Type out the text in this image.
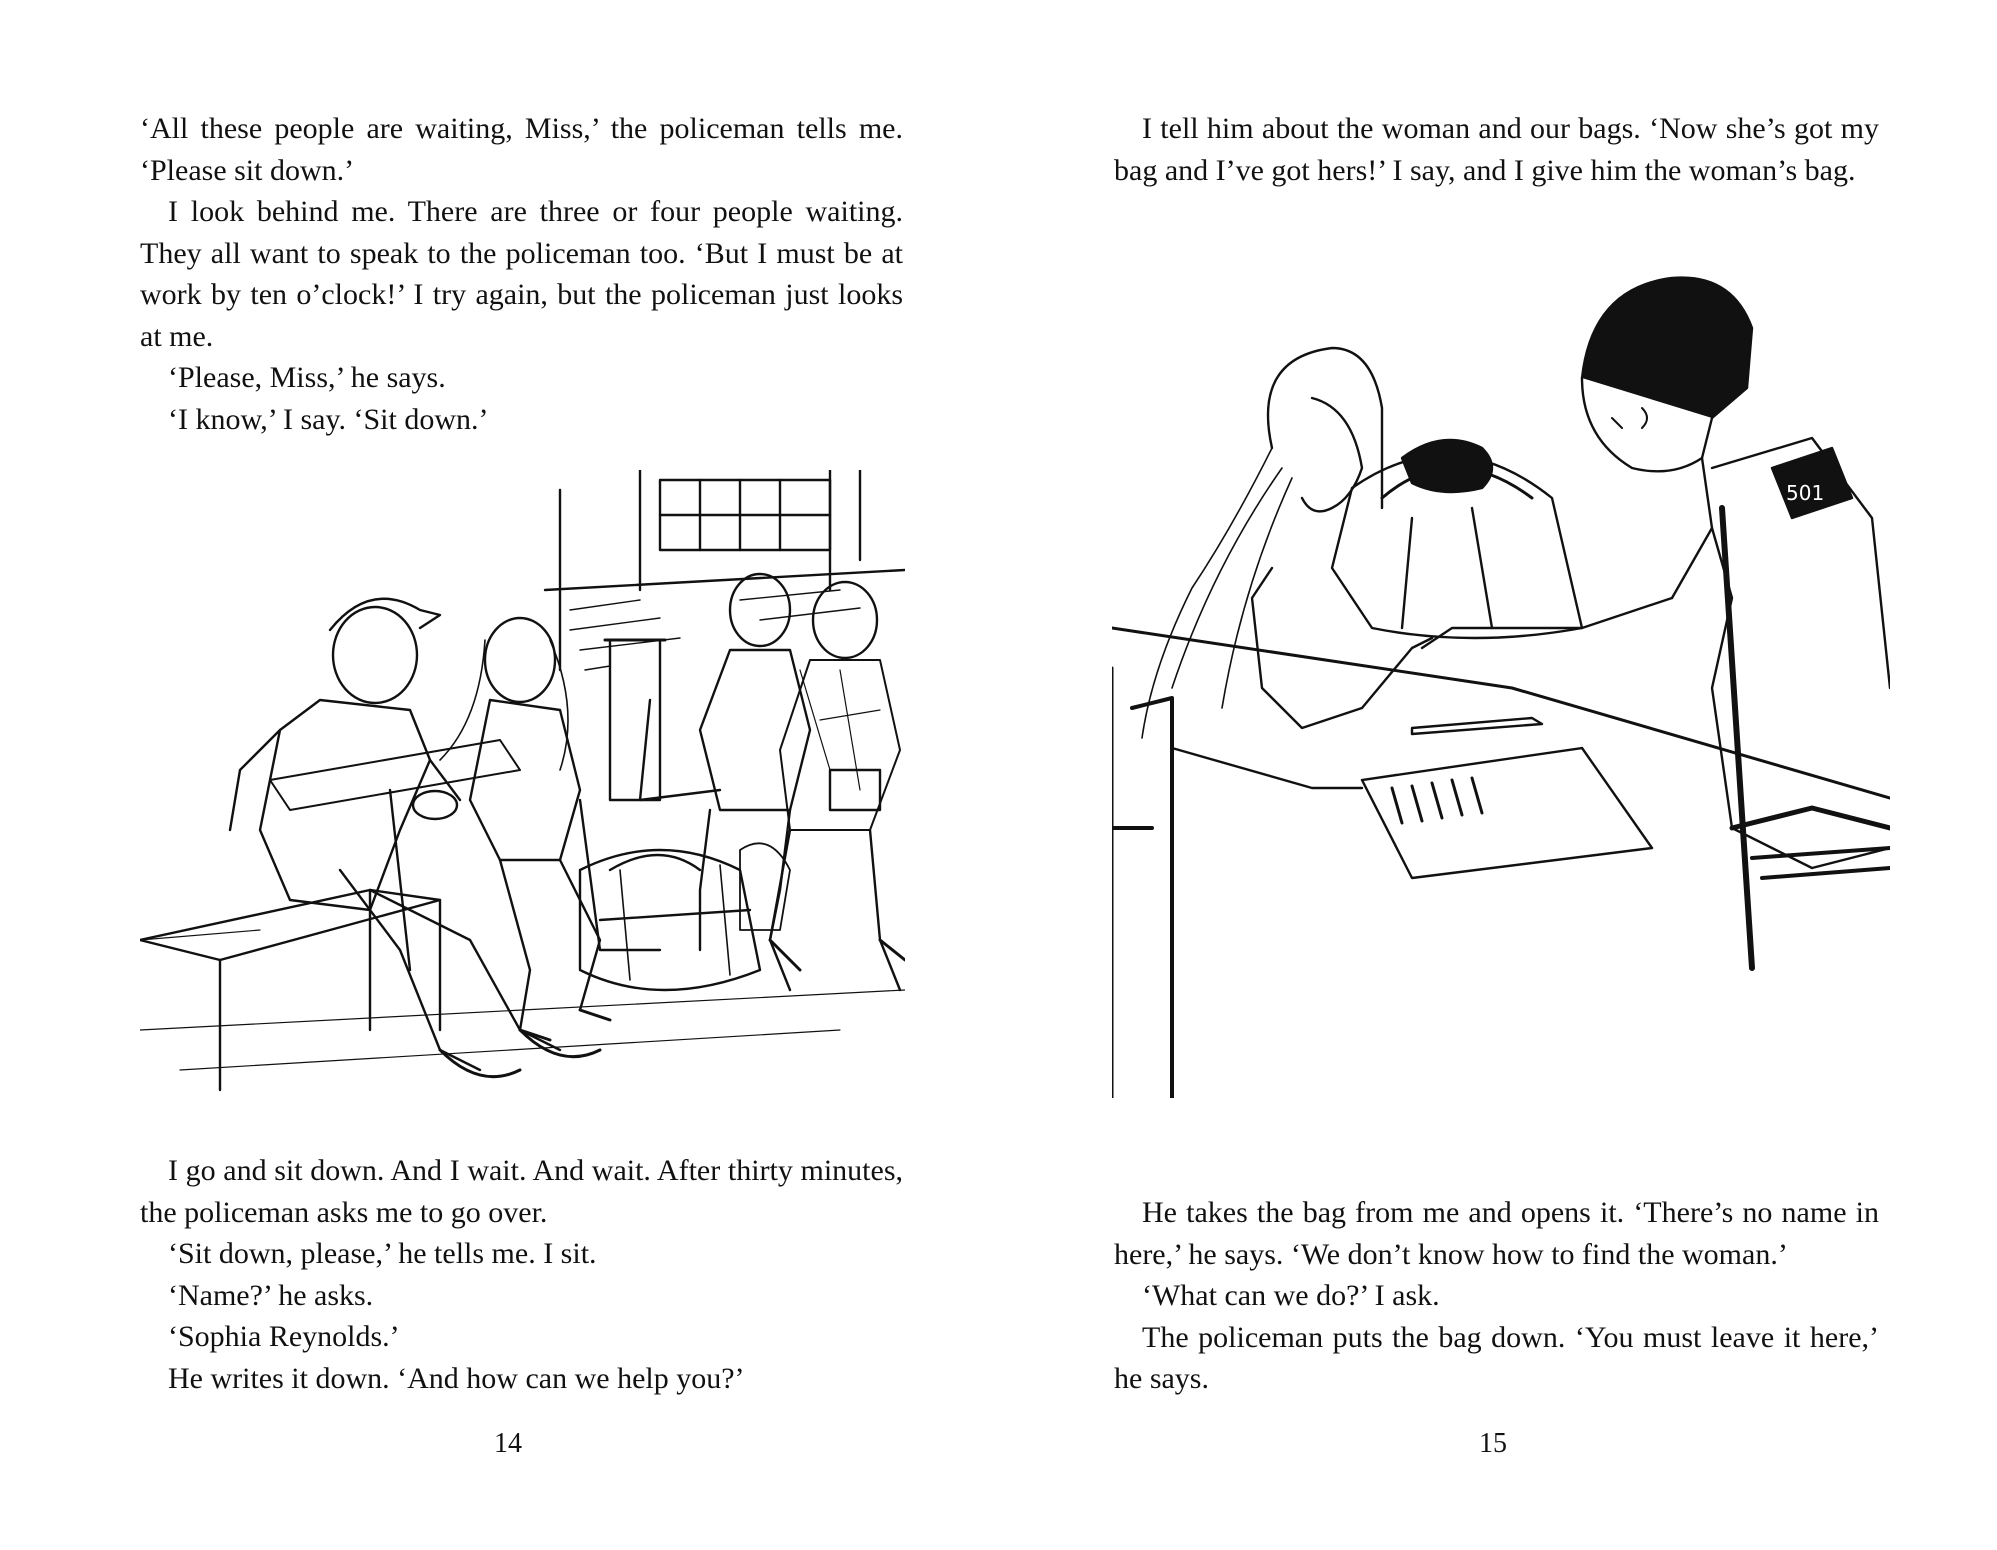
‘All these people are waiting, Miss,’ the policeman tells me. ‘Please sit down.’

I look behind me. There are three or four people waiting. They all want to speak to the policeman too. ‘But I must be at work by ten o’clock!’ I try again, but the policeman just looks at me.

‘Please, Miss,’ he says.

‘I know,’ I say. ‘Sit down.’

I go and sit down. And I wait. And wait. After thirty minutes, the policeman asks me to go over.

‘Sit down, please,’ he tells me. I sit.

‘Name?’ he asks.

‘Sophia Reynolds.’

He writes it down. ‘And how can we help you?’

14

I tell him about the woman and our bags. ‘Now she’s got my bag and I’ve got hers!’ I say, and I give him the woman’s bag.

501

He takes the bag from me and opens it. ‘There’s no name in here,’ he says. ‘We don’t know how to find the woman.’

‘What can we do?’ I ask.

The policeman puts the bag down. ‘You must leave it here,’ he says.

15
